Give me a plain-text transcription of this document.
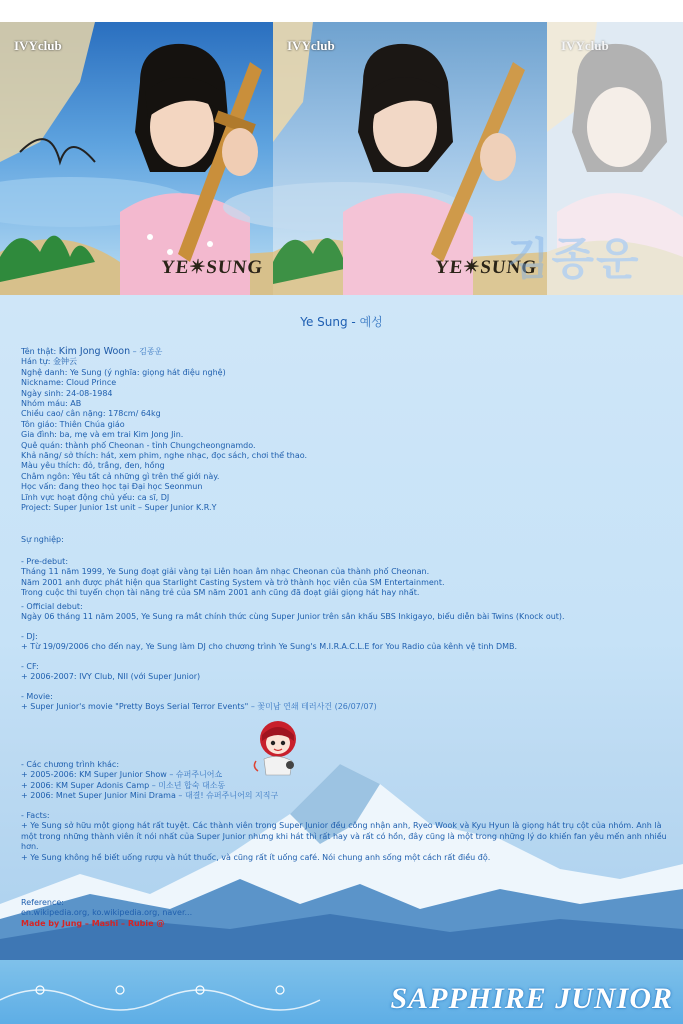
IVYclub
YE✴SUNG
IVYclub
YE✴SUNG
IVYclub
김종운
Ye Sung - 예성
Tên thật: Kim Jong Woon – 김종운
Hán tự: 金钟云
Nghệ danh: Ye Sung (ý nghĩa: giọng hát điệu nghệ)
Nickname: Cloud Prince
Ngày sinh: 24-08-1984
Nhóm máu: AB
Chiều cao/ cân nặng: 178cm/ 64kg
Tôn giáo: Thiên Chúa giáo
Gia đình: ba, mẹ và em trai Kim Jong Jin.
Quê quán: thành phố Cheonan - tỉnh Chungcheongnamdo.
Khả năng/ sở thích: hát, xem phim, nghe nhạc, đọc sách, chơi thể thao.
Màu yêu thích: đỏ, trắng, đen, hồng
Châm ngôn: Yêu tất cả những gì trên thế giới này.
Học vấn: đang theo học tại Đại học Seonmun
Lĩnh vực hoạt động chủ yếu: ca sĩ, DJ
Project: Super Junior 1st unit – Super Junior K.R.Y
Sự nghiệp:
- Pre-debut:
Tháng 11 năm 1999, Ye Sung đoạt giải vàng tại Liên hoan âm nhạc Cheonan của thành phố Cheonan.
Năm 2001 anh được phát hiện qua Starlight Casting System và trở thành học viên của SM Entertainment.
Trong cuộc thi tuyển chọn tài năng trẻ của SM năm 2001 anh cũng đã đoạt giải giọng hát hay nhất.
- Official debut:
Ngày 06 tháng 11 năm 2005, Ye Sung ra mắt chính thức cùng Super Junior trên sân khấu SBS Inkigayo, biểu diễn bài Twins (Knock out).
- DJ:
+ Từ 19/09/2006 cho đến nay, Ye Sung làm DJ cho chương trình Ye Sung's M.I.R.A.C.L.E for You Radio của kênh vệ tinh DMB.
- CF:
+ 2006-2007: IVY Club, NII (với Super Junior)
- Movie:
+ Super Junior's movie "Pretty Boys Serial Terror Events" – 꽃미남 연쇄 테러사건 (26/07/07)
- Các chương trình khác:
+ 2005-2006: KM Super Junior Show – 슈퍼주니어쇼
+ 2006: KM Super Adonis Camp – 미소년 합숙 대소동
+ 2006: Mnet Super Junior Mini Drama – 대결! 슈퍼주니어의 지직구
- Facts:
+ Ye Sung sở hữu một giọng hát rất tuyệt. Các thành viên trong Super Junior đều công nhận anh, Ryeo Wook và Kyu Hyun là giọng hát trụ cột của nhóm. Anh là một trong những thành viên ít nói nhất của Super Junior nhưng khi hát thì rất hay và rất có hồn, đây cũng là một trong những lý do khiến fan yêu mến anh nhiều hơn.
+ Ye Sung không hề biết uống rượu và hút thuốc, và cũng rất ít uống café. Nói chung anh sống một cách rất điều độ.
Reference:
en.wikipedia.org, ko.wikipedia.org, naver...
Made by Jung – Mashi – Rubie @
SAPPHIRE JUNIOR
